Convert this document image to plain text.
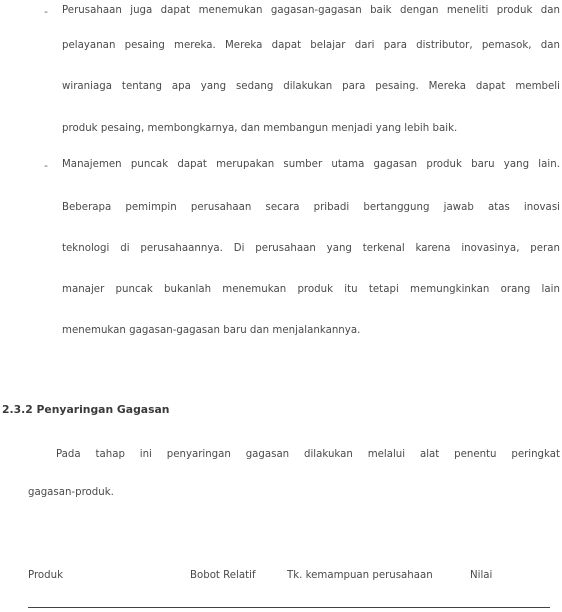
- Perusahaan juga dapat menemukan gagasan-gagasan baik dengan meneliti produk dan
pelayanan pesaing mereka. Mereka dapat belajar dari para distributor, pemasok, dan
wiraniaga tentang apa yang sedang dilakukan para pesaing. Mereka dapat membeli
produk pesaing, membongkarnya, dan membangun menjadi yang lebih baik.
- Manajemen puncak dapat merupakan sumber utama gagasan produk baru yang lain.
Beberapa pemimpin perusahaan secara pribadi bertanggung jawab atas inovasi
teknologi di perusahaannya. Di perusahaan yang terkenal karena inovasinya, peran
manajer puncak bukanlah menemukan produk itu tetapi memungkinkan orang lain
menemukan gagasan-gagasan baru dan menjalankannya.
2.3.2 Penyaringan Gagasan
Pada tahap ini penyaringan gagasan dilakukan melalui alat penentu peringkat
gagasan-produk.
Produk	Bobot Relatif	Tk. kemampuan perusahaan	Nilai
